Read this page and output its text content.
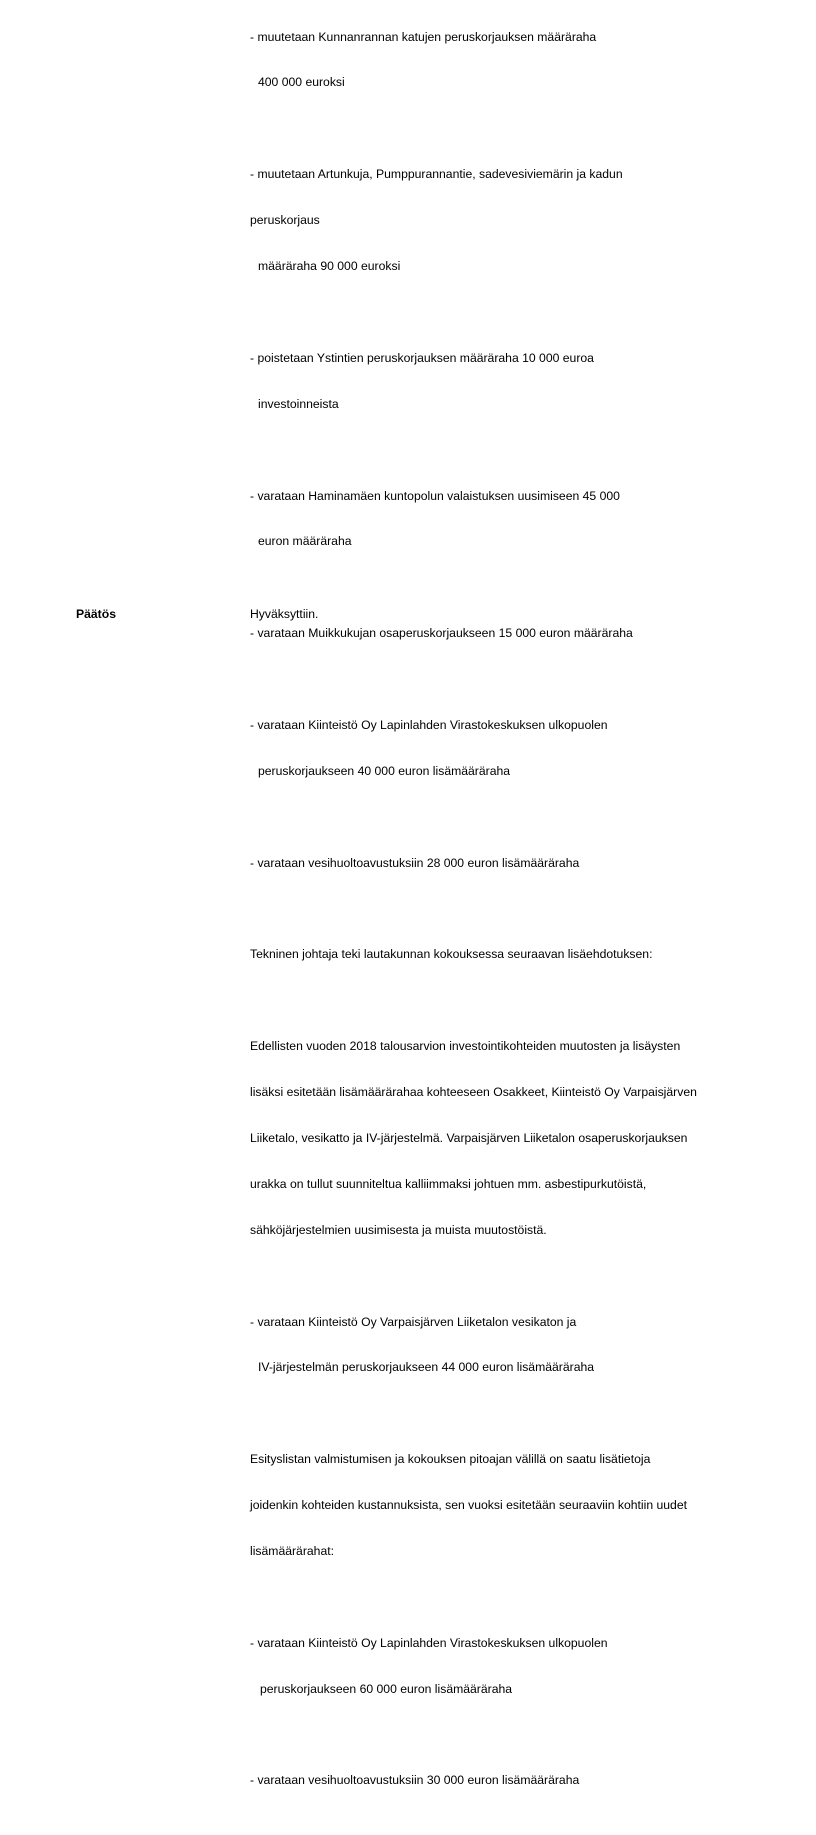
- muutetaan Kunnanrannan katujen peruskorjauksen määräraha

400 000 euroksi

- muutetaan Artunkuja, Pumppurannantie, sadevesiviemärin ja kadun

peruskorjaus

määräraha 90 000 euroksi

- poistetaan Ystintien peruskorjauksen määräraha 10 000 euroa

investoinneista

- varataan Haminamäen kuntopolun valaistuksen uusimiseen 45 000

euron määräraha

- varataan Muikkukujan osaperuskorjaukseen 15 000 euron määräraha

- varataan Kiinteistö Oy Lapinlahden Virastokeskuksen ulkopuolen

peruskorjaukseen 40 000 euron lisämääräraha

- varataan vesihuoltoavustuksiin 28 000 euron lisämääräraha

Tekninen johtaja teki lautakunnan kokouksessa seuraavan lisäehdotuksen:

Edellisten vuoden 2018 talousarvion investointikohteiden muutosten ja lisäysten

lisäksi esitetään lisämäärärahaa kohteeseen Osakkeet, Kiinteistö Oy Varpaisjärven

Liiketalo, vesikatto ja IV-järjestelmä. Varpaisjärven Liiketalon osaperuskorjauksen

urakka on tullut suunniteltua kalliimmaksi johtuen mm. asbestipurkutöistä,

sähköjärjestelmien uusimisesta ja muista muutostöistä.

- varataan Kiinteistö Oy Varpaisjärven Liiketalon vesikaton ja

IV-järjestelmän peruskorjaukseen 44 000 euron lisämääräraha

Esityslistan valmistumisen ja kokouksen pitoajan välillä on saatu lisätietoja

joidenkin kohteiden kustannuksista, sen vuoksi esitetään seuraaviin kohtiin uudet

lisämäärärahat:

- varataan Kiinteistö Oy Lapinlahden Virastokeskuksen ulkopuolen

peruskorjaukseen 60 000 euron lisämääräraha

- varataan vesihuoltoavustuksiin 30 000 euron lisämääräraha

Päätös	Hyväksyttiin.
